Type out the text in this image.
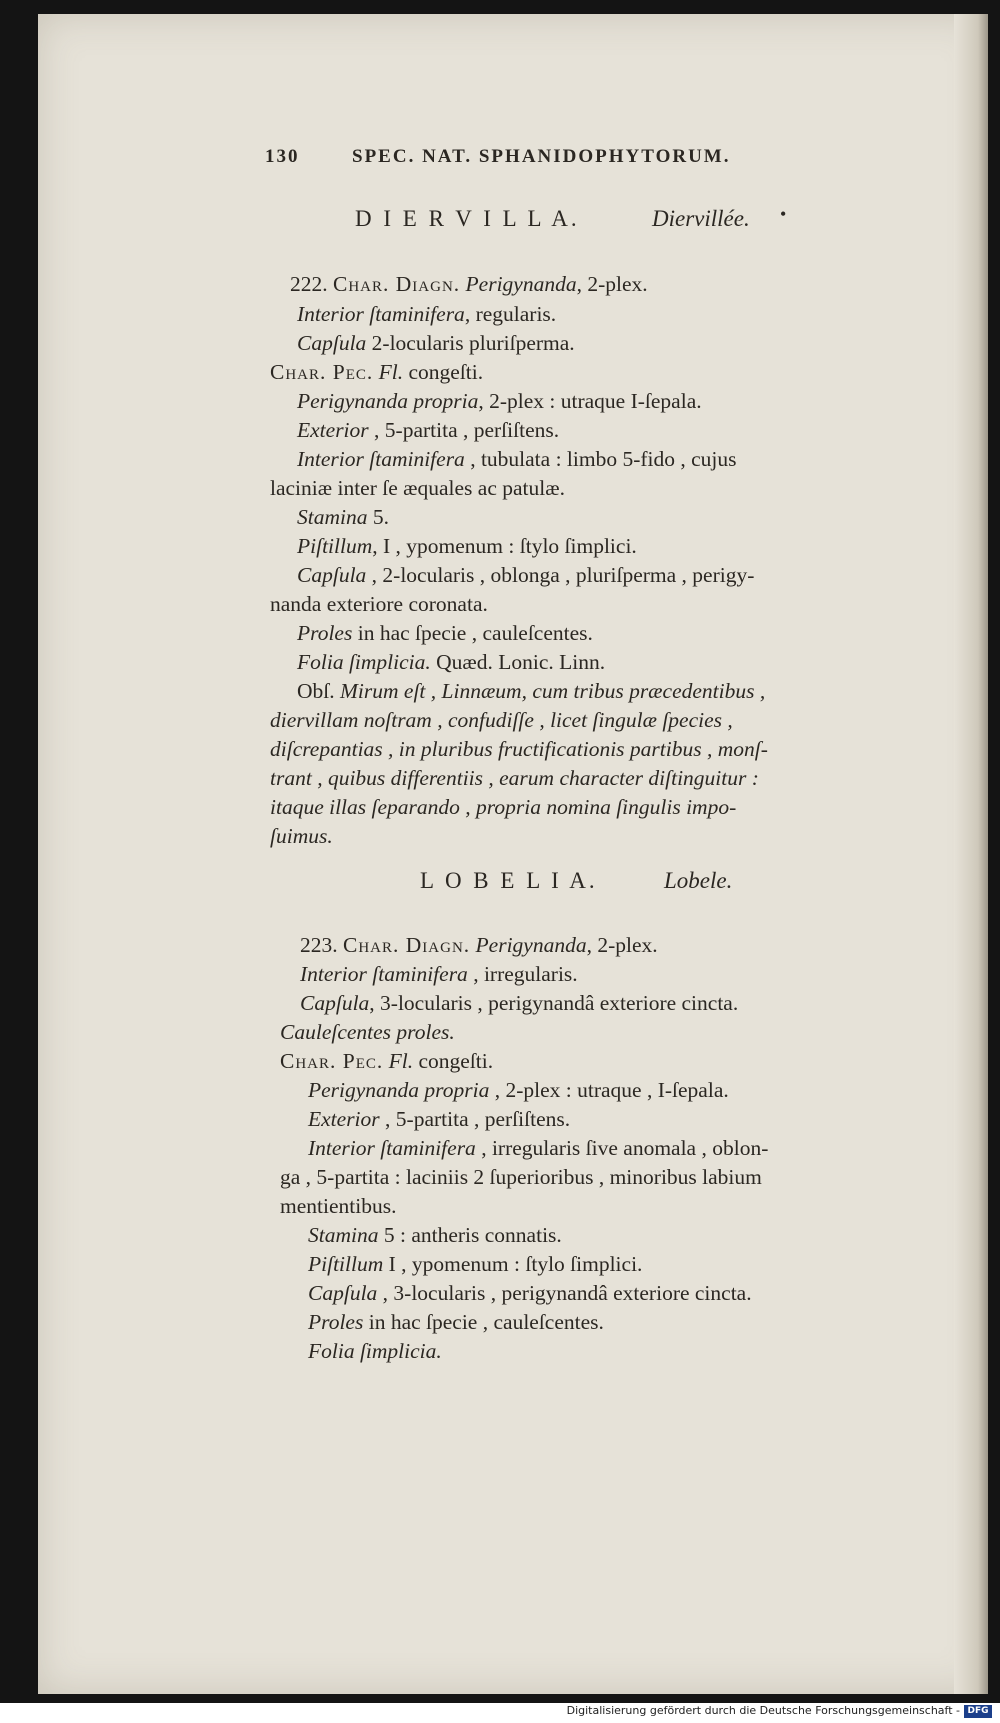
130	SPEC. NAT. SPHANIDOPHYTORUM.
D I E R V I L L A.	Diervillée. •
222. Char. Diagn. Perigynanda, 2-plex.
Interior ſtaminifera, regularis.
Capſula 2-locularis pluriſperma.
Char. Pec. Fl. congeſti.
Perigynanda propria, 2-plex : utraque I-ſepala.
Exterior , 5-partita , perſiſtens.
Interior ſtaminifera , tubulata : limbo 5-fido , cujus
laciniæ inter ſe æquales ac patulæ.
Stamina 5.
Piſtillum, I , ypomenum : ſtylo ſimplici.
Capſula , 2-locularis , oblonga , pluriſperma , perigy-
nanda exteriore coronata.
Proles in hac ſpecie , cauleſcentes.
Folia ſimplicia. Quæd. Lonic. Linn.
Obſ. Mirum eſt , Linnæum, cum tribus præcedentibus ,
diervillam noſtram , confudiſſe , licet ſingulæ ſpecies ,
diſcrepantias , in pluribus fructificationis partibus , monſ-
trant , quibus differentiis , earum character diſtinguitur :
itaque illas ſeparando , propria nomina ſingulis impo-
ſuimus.
L O B E L I A.	Lobele.
223. Char. Diagn. Perigynanda, 2-plex.
Interior ſtaminifera , irregularis.
Capſula, 3-locularis , perigynandâ exteriore cincta.
Cauleſcentes proles.
Char. Pec. Fl. congeſti.
Perigynanda propria , 2-plex : utraque , I-ſepala.
Exterior , 5-partita , perſiſtens.
Interior ſtaminifera , irregularis ſive anomala , oblon-
ga , 5-partita : laciniis 2 ſuperioribus , minoribus labium
mentientibus.
Stamina 5 : antheris connatis.
Piſtillum I , ypomenum : ſtylo ſimplici.
Capſula , 3-locularis , perigynandâ exteriore cincta.
Proles in hac ſpecie , cauleſcentes.
Folia ſimplicia.
Digitalisierung gefördert durch die Deutsche Forschungsgemeinschaft - DFG
